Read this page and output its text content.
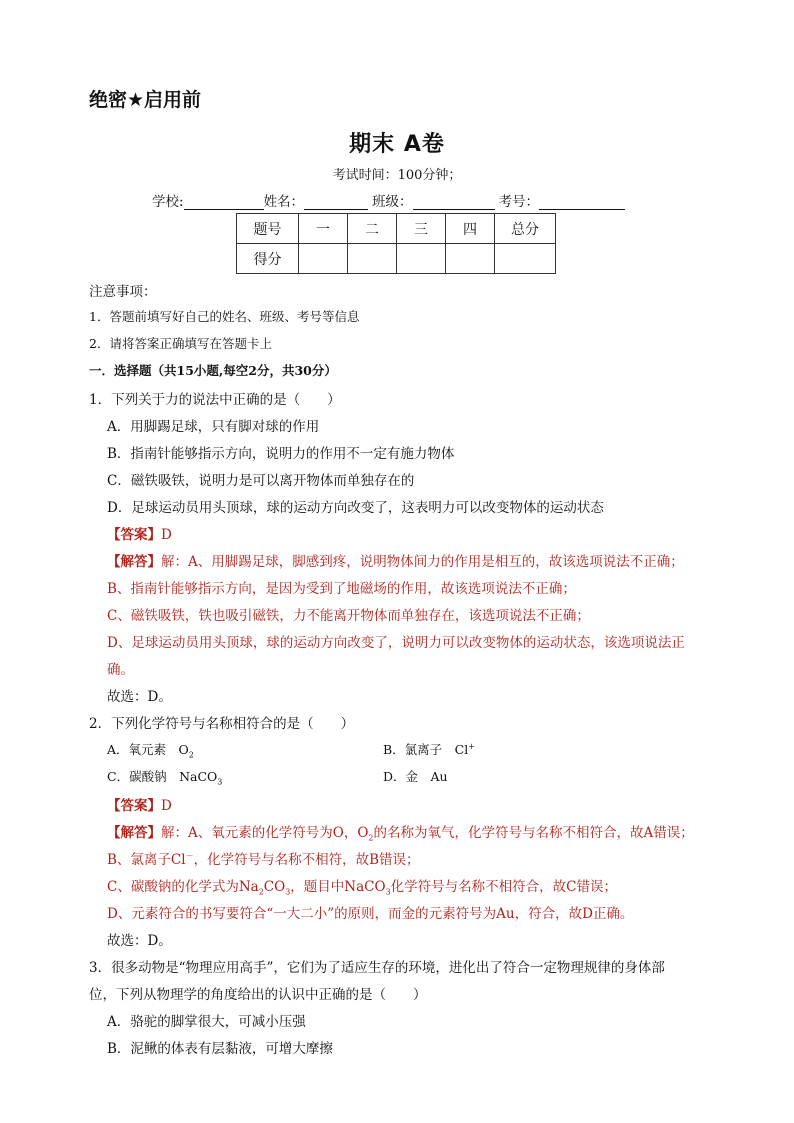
绝密★启用前
期末 A卷
考试时间：100分钟；
学校:	姓名：	班级：	考号：
题号	一	二	三	四	总分
得分					
注意事项：
1．答题前填写好自己的姓名、班级、考号等信息
2．请将答案正确填写在答题卡上
一．选择题（共15小题,每空2分，共30分）
1．下列关于力的说法中正确的是（　　）
A．用脚踢足球，只有脚对球的作用
B．指南针能够指示方向，说明力的作用不一定有施力物体
C．磁铁吸铁，说明力是可以离开物体而单独存在的
D．足球运动员用头顶球，球的运动方向改变了，这表明力可以改变物体的运动状态
【答案】D
【解答】解：A、用脚踢足球，脚感到疼，说明物体间力的作用是相互的，故该选项说法不正确；
B、指南针能够指示方向，是因为受到了地磁场的作用，故该选项说法不正确；
C、磁铁吸铁，铁也吸引磁铁，力不能离开物体而单独存在，该选项说法不正确；
D、足球运动员用头顶球，球的运动方向改变了，说明力可以改变物体的运动状态，该选项说法正
确。
故选：D。
2．下列化学符号与名称相符合的是（　　）
A．氧元素　$O_2$	B．氯离子　Cl+
C．碳酸钠　NaCO$_3$	D．金　Au
【答案】D
【解答】解：A、氧元素的化学符号为O，$O_2$的名称为氧气，化学符号与名称不相符合，故A错误；
B、氯离子Cl－，化学符号与名称不相符，故B错误；
C、碳酸钠的化学式为$Na_2CO_3$，题目中NaCO$_3$化学符号与名称不相符合，故C错误；
D、元素符合的书写要符合“一大二小”的原则，而金的元素符号为Au，符合，故D正确。
故选：D。
3．很多动物是“物理应用高手”，它们为了适应生存的环境，进化出了符合一定物理规律的身体部
位，下列从物理学的角度给出的认识中正确的是（　　）
A．骆驼的脚掌很大，可减小压强
B．泥鳅的体表有层黏液，可增大摩擦
